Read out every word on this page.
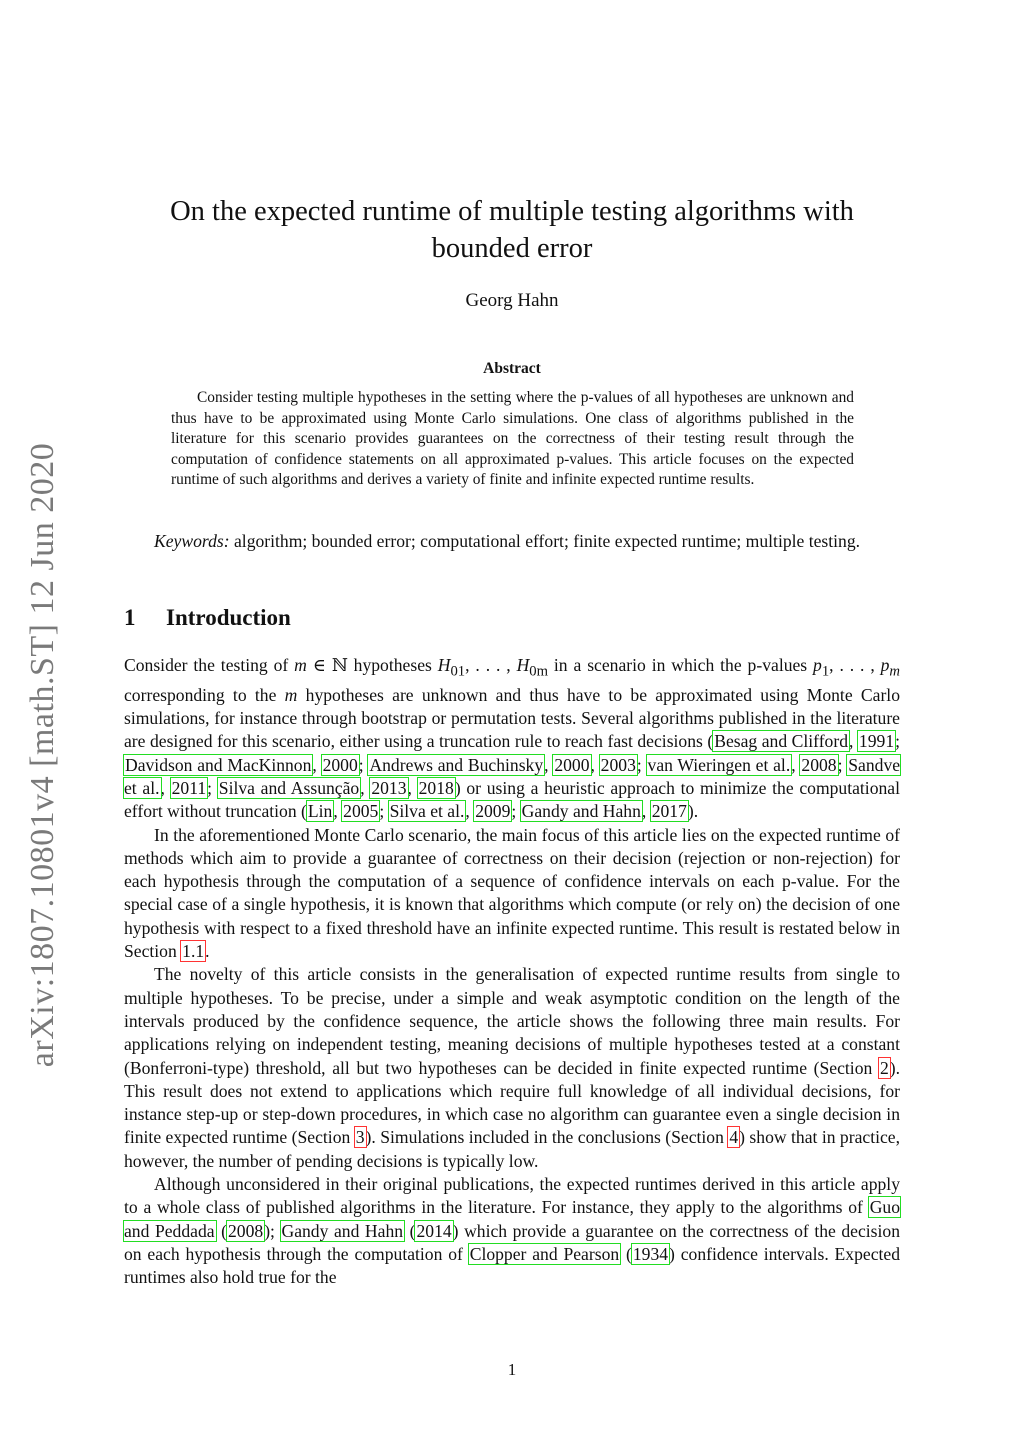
arXiv:1807.10801v4 [math.ST] 12 Jun 2020
On the expected runtime of multiple testing algorithms with
bounded error
Georg Hahn
Abstract

Consider testing multiple hypotheses in the setting where the p-values of all hypotheses are unknown and thus have to be approximated using Monte Carlo simulations. One class of algorithms published in the literature for this scenario provides guarantees on the correctness of their testing result through the computation of confidence statements on all approximated p-values. This article focuses on the expected runtime of such algorithms and derives a variety of finite and infinite expected runtime results.

Keywords: algorithm; bounded error; computational effort; finite expected runtime; multiple testing.

1 Introduction

Consider the testing of m ∈ ℕ hypotheses $H_{01}$, . . . , $H_{0m}$ in a scenario in which the p-values $p_1$, . . . , $p_m$ corresponding to the m hypotheses are unknown and thus have to be approximated using Monte Carlo simulations, for instance through bootstrap or permutation tests. Several algorithms published in the literature are designed for this scenario, either using a truncation rule to reach fast decisions (Besag and Clifford, 1991; Davidson and MacKinnon, 2000; Andrews and Buchinsky, 2000, 2003; van Wieringen et al., 2008; Sandve et al., 2011; Silva and Assunção, 2013, 2018) or using a heuristic approach to minimize the computational effort without truncation (Lin, 2005; Silva et al., 2009; Gandy and Hahn, 2017).

In the aforementioned Monte Carlo scenario, the main focus of this article lies on the expected runtime of methods which aim to provide a guarantee of correctness on their decision (rejection or non-rejection) for each hypothesis through the computation of a sequence of confidence intervals on each p-value. For the special case of a single hypothesis, it is known that algorithms which compute (or rely on) the decision of one hypothesis with respect to a fixed threshold have an infinite expected runtime. This result is restated below in Section 1.1.

The novelty of this article consists in the generalisation of expected runtime results from single to multiple hypotheses. To be precise, under a simple and weak asymptotic condition on the length of the intervals produced by the confidence sequence, the article shows the following three main results. For applications relying on independent testing, meaning decisions of multiple hypotheses tested at a constant (Bonferroni-type) threshold, all but two hypotheses can be decided in finite expected runtime (Section 2). This result does not extend to applications which require full knowledge of all individual decisions, for instance step-up or step-down procedures, in which case no algorithm can guarantee even a single decision in finite expected runtime (Section 3). Simulations included in the conclusions (Section 4) show that in practice, however, the number of pending decisions is typically low.

Although unconsidered in their original publications, the expected runtimes derived in this article apply to a whole class of published algorithms in the literature. For instance, they apply to the algorithms of Guo and Peddada (2008); Gandy and Hahn (2014) which provide a guarantee on the correctness of the decision on each hypothesis through the computation of Clopper and Pearson (1934) confidence intervals. Expected runtimes also hold true for the

1
